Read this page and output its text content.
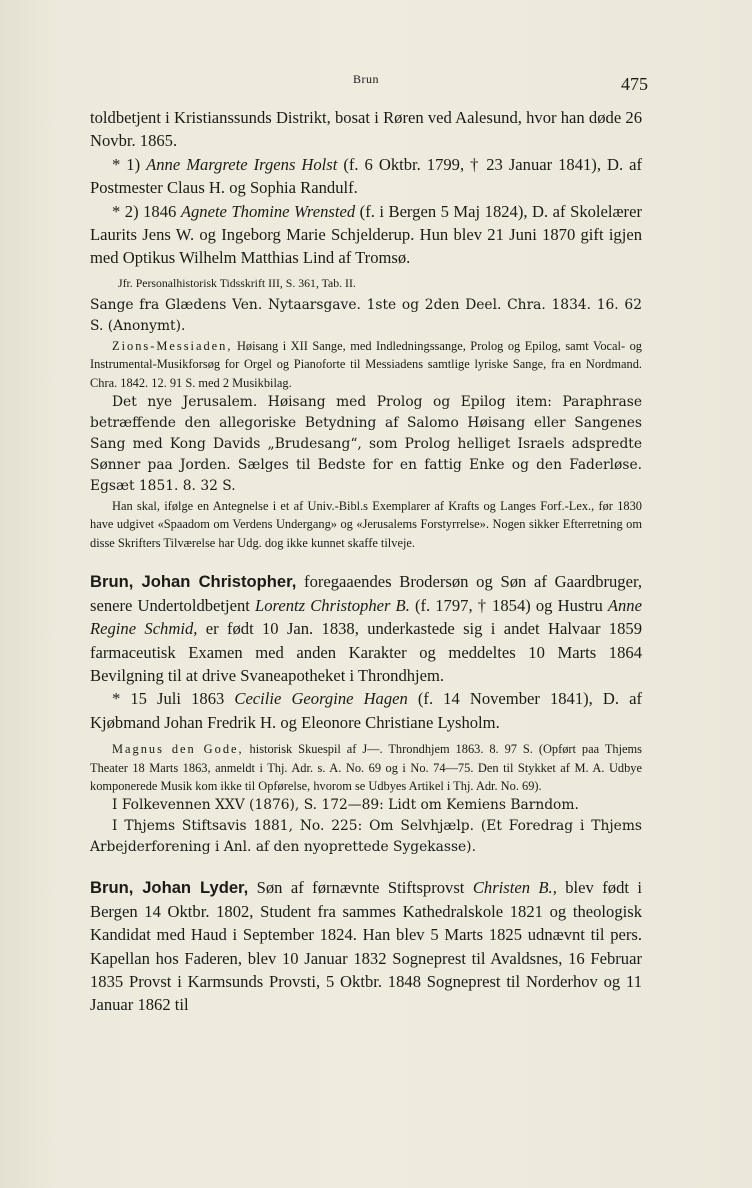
Brun	475

toldbetjent i Kristianssunds Distrikt, bosat i Røren ved Aalesund, hvor han døde 26 Novbr. 1865.

* 1) Anne Margrete Irgens Holst (f. 6 Oktbr. 1799, † 23 Januar 1841), D. af Postmester Claus H. og Sophia Randulf.

* 2) 1846 Agnete Thomine Wrensted (f. i Bergen 5 Maj 1824), D. af Skolelærer Laurits Jens W. og Ingeborg Marie Schjelderup. Hun blev 21 Juni 1870 gift igjen med Optikus Wilhelm Matthias Lind af Tromsø.

Jfr. Personalhistorisk Tidsskrift III, S. 361, Tab. II.

Sange fra Glædens Ven. Nytaarsgave. 1ste og 2den Deel. Chra. 1834. 16. 62 S. (Anonymt).

Zions-Messiaden, Høisang i XII Sange, med Indledningssange, Prolog og Epilog, samt Vocal- og Instrumental-Musikforsøg for Orgel og Pianoforte til Messiadens samtlige lyriske Sange, fra en Nordmand. Chra. 1842. 12. 91 S. med 2 Musikbilag.

Det nye Jerusalem. Høisang med Prolog og Epilog item: Paraphrase betræffende den allegoriske Betydning af Salomo Høisang eller Sangenes Sang med Kong Davids „Brudesang“, som Prolog helliget Israels adspredte Sønner paa Jorden. Sælges til Bedste for en fattig Enke og den Faderløse. Egsæt 1851. 8. 32 S.

Han skal, ifølge en Antegnelse i et af Univ.-Bibl.s Exemplarer af Krafts og Langes Forf.-Lex., før 1830 have udgivet «Spaadom om Verdens Undergang» og «Jerusalems Forstyrrelse». Nogen sikker Efterretning om disse Skrifters Tilværelse har Udg. dog ikke kunnet skaffe tilveje.

Brun, Johan Christopher, foregaaendes Brodersøn og Søn af Gaardbruger, senere Undertoldbetjent Lorentz Christopher B. (f. 1797, † 1854) og Hustru Anne Regine Schmid, er født 10 Jan. 1838, underkastede sig i andet Halvaar 1859 farmaceutisk Examen med anden Karakter og meddeltes 10 Marts 1864 Bevilgning til at drive Svaneapotheket i Throndhjem.

* 15 Juli 1863 Cecilie Georgine Hagen (f. 14 November 1841), D. af Kjøbmand Johan Fredrik H. og Eleonore Christiane Lysholm.

Magnus den Gode, historisk Skuespil af J—. Throndhjem 1863. 8. 97 S. (Opført paa Thjems Theater 18 Marts 1863, anmeldt i Thj. Adr. s. A. No. 69 og i No. 74—75. Den til Stykket af M. A. Udbye komponerede Musik kom ikke til Opførelse, hvorom se Udbyes Artikel i Thj. Adr. No. 69).

I Folkevennen XXV (1876), S. 172—89: Lidt om Kemiens Barndom.

I Thjems Stiftsavis 1881, No. 225: Om Selvhjælp. (Et Foredrag i Thjems Arbejderforening i Anl. af den nyoprettede Sygekasse).

Brun, Johan Lyder, Søn af førnævnte Stiftsprovst Christen B., blev født i Bergen 14 Oktbr. 1802, Student fra sammes Kathedralskole 1821 og theologisk Kandidat med Haud i September 1824. Han blev 5 Marts 1825 udnævnt til pers. Kapellan hos Faderen, blev 10 Januar 1832 Sogneprest til Avaldsnes, 16 Februar 1835 Provst i Karmsunds Provsti, 5 Oktbr. 1848 Sogneprest til Norderhov og 11 Januar 1862 til
